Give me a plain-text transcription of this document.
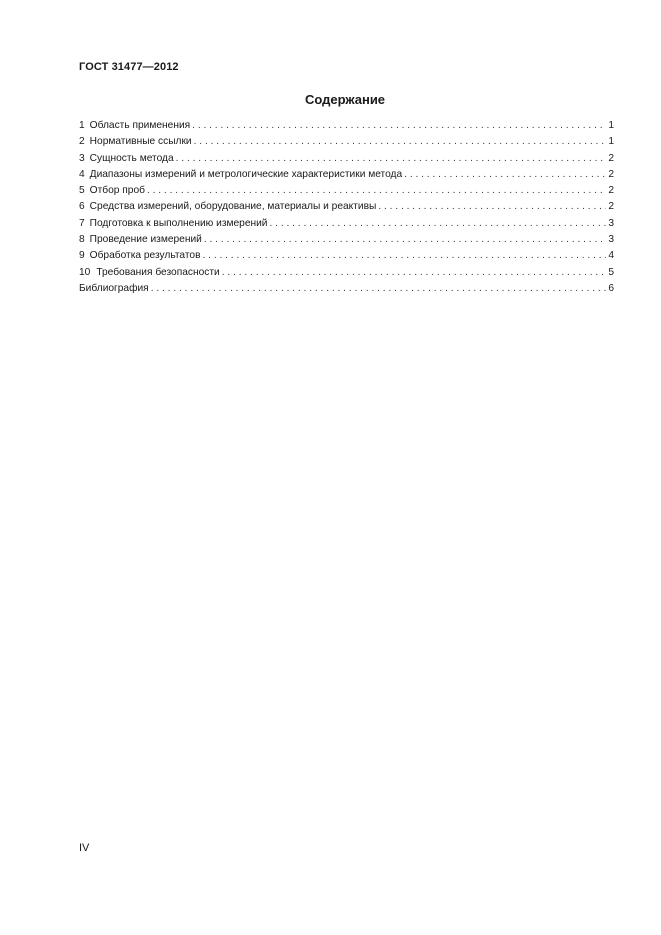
ГОСТ 31477—2012
Содержание
1 Область применения . . .	1
2 Нормативные ссылки . . .	1
3 Сущность метода . . .	2
4 Диапазоны измерений и метрологические характеристики метода . . .	2
5 Отбор проб . . .	2
6 Средства измерений, оборудование, материалы и реактивы . . .	2
7 Подготовка к выполнению измерений . . .	3
8 Проведение измерений . . .	3
9 Обработка результатов . . .	4
10 Требования безопасности . . .	5
Библиография . . .	6
IV
